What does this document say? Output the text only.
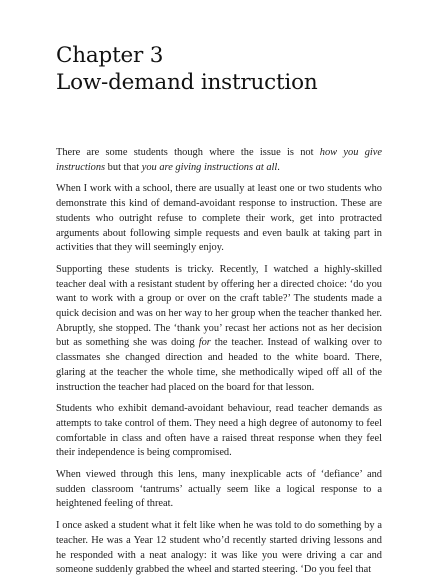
Chapter 3
Low-demand instruction

There are some students though where the issue is not how you give instructions but that you are giving instructions at all.

When I work with a school, there are usually at least one or two students who demonstrate this kind of demand-avoidant response to instruction. These are students who outright refuse to complete their work, get into protracted arguments about following simple requests and even baulk at taking part in activities that they will seemingly enjoy.

Supporting these students is tricky. Recently, I watched a highly-skilled teacher deal with a resistant student by offering her a directed choice: ‘do you want to work with a group or over on the craft table?’ The students made a quick decision and was on her way to her group when the teacher thanked her. Abruptly, she stopped. The ‘thank you’ recast her actions not as her decision but as something she was doing for the teacher. Instead of walking over to classmates she changed direction and headed to the white board. There, glaring at the teacher the whole time, she methodically wiped off all of the instruction the teacher had placed on the board for that lesson.

Students who exhibit demand-avoidant behaviour, read teacher demands as attempts to take control of them. They need a high degree of autonomy to feel comfortable in class and often have a raised threat response when they feel their independence is being compromised.

When viewed through this lens, many inexplicable acts of ‘defiance’ and sudden classroom ‘tantrums’ actually seem like a logical response to a heightened feeling of threat.

I once asked a student what it felt like when he was told to do something by a teacher. He was a Year 12 student who’d recently started driving lessons and he responded with a neat analogy: it was like you were driving a car and someone suddenly grabbed the wheel and started steering. ‘Do you feel that
